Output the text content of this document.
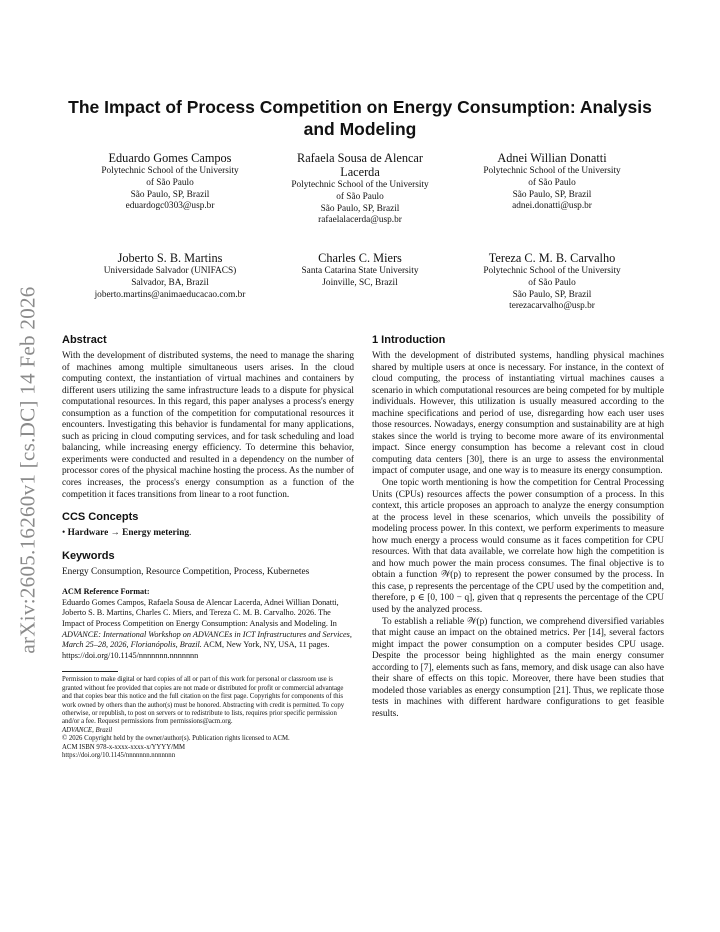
arXiv:2605.16260v1 [cs.DC] 14 Feb 2026
The Impact of Process Competition on Energy Consumption: Analysis and Modeling
Eduardo Gomes Campos
Polytechnic School of the University
of São Paulo
São Paulo, SP, Brazil
eduardogc0303@usp.br
Rafaela Sousa de Alencar Lacerda
Polytechnic School of the University
of São Paulo
São Paulo, SP, Brazil
rafaelalacerda@usp.br
Adnei Willian Donatti
Polytechnic School of the University
of São Paulo
São Paulo, SP, Brazil
adnei.donatti@usp.br
Joberto S. B. Martins
Universidade Salvador (UNIFACS)
Salvador, BA, Brazil
joberto.martins@animaeducacao.com.br
Charles C. Miers
Santa Catarina State University
Joinville, SC, Brazil
Tereza C. M. B. Carvalho
Polytechnic School of the University
of São Paulo
São Paulo, SP, Brazil
terezacarvalho@usp.br
Abstract

With the development of distributed systems, the need to manage the sharing of machines among multiple simultaneous users arises. In the cloud computing context, the instantiation of virtual machines and containers by different users utilizing the same infrastructure leads to a dispute for physical computational resources. In this regard, this paper analyses a process's energy consumption as a function of the competition for computational resources it encounters. Investigating this behavior is fundamental for many applications, such as pricing in cloud computing services, and for task scheduling and load balancing, while increasing energy efficiency. To determine this behavior, experiments were conducted and resulted in a dependency on the number of processor cores of the physical machine hosting the process. As the number of cores increases, the process's energy consumption as a function of the competition it faces transitions from linear to a root function.

CCS Concepts
• Hardware → Energy metering.
Keywords

Energy Consumption, Resource Competition, Process, Kubernetes

ACM Reference Format:
Eduardo Gomes Campos, Rafaela Sousa de Alencar Lacerda, Adnei Willian Donatti, Joberto S. B. Martins, Charles C. Miers, and Tereza C. M. B. Carvalho. 2026. The Impact of Process Competition on Energy Consumption: Analysis and Modeling. In ADVANCE: International Workshop on ADVANCEs in ICT Infrastructures and Services, March 25–28, 2026, Florianópolis, Brazil. ACM, New York, NY, USA, 11 pages. https://doi.org/10.1145/nnnnnnn.nnnnnnn
Permission to make digital or hard copies of all or part of this work for personal or classroom use is granted without fee provided that copies are not made or distributed for profit or commercial advantage and that copies bear this notice and the full citation on the first page. Copyrights for components of this work owned by others than the author(s) must be honored. Abstracting with credit is permitted. To copy otherwise, or republish, to post on servers or to redistribute to lists, requires prior specific permission and/or a fee. Request permissions from permissions@acm.org.
ADVANCE, Brazil
© 2026 Copyright held by the owner/author(s). Publication rights licensed to ACM.
ACM ISBN 978-x-xxxx-xxxx-x/YYYY/MM
https://doi.org/10.1145/nnnnnnn.nnnnnnn
1 Introduction

With the development of distributed systems, handling physical machines shared by multiple users at once is necessary. For instance, in the context of cloud computing, the process of instantiating virtual machines causes a scenario in which computational resources are being competed for by multiple individuals. However, this utilization is usually measured according to the machine specifications and period of use, disregarding how each user uses those resources. Nowadays, energy consumption and sustainability are at high stakes since the world is trying to become more aware of its environmental impact. Since energy consumption has become a relevant cost in cloud computing data centers [30], there is an urge to assess the environmental impact of computer usage, and one way is to measure its energy consumption.

One topic worth mentioning is how the competition for Central Processing Units (CPUs) resources affects the power consumption of a process. In this context, this article proposes an approach to analyze the energy consumption at the process level in these scenarios, which unveils the possibility of modeling process power. In this context, we perform experiments to measure how much energy a process would consume as it faces competition for CPU resources. With that data available, we correlate how high the competition is and how much power the main process consumes. The final objective is to obtain a function 𝒲(p) to represent the power consumed by the process. In this case, p represents the percentage of the CPU used by the competition and, therefore, p ∈ [0, 100 − q], given that q represents the percentage of the CPU used by the analyzed process.

To establish a reliable 𝒲(p) function, we comprehend diversified variables that might cause an impact on the obtained metrics. Per [14], several factors might impact the power consumption on a computer besides CPU usage. Despite the processor being highlighted as the main energy consumer according to [7], elements such as fans, memory, and disk usage can also have their share of effects on this topic. Moreover, there have been studies that modeled those variables as energy consumption [21]. Thus, we replicate those tests in machines with different hardware configurations to get feasible results.
